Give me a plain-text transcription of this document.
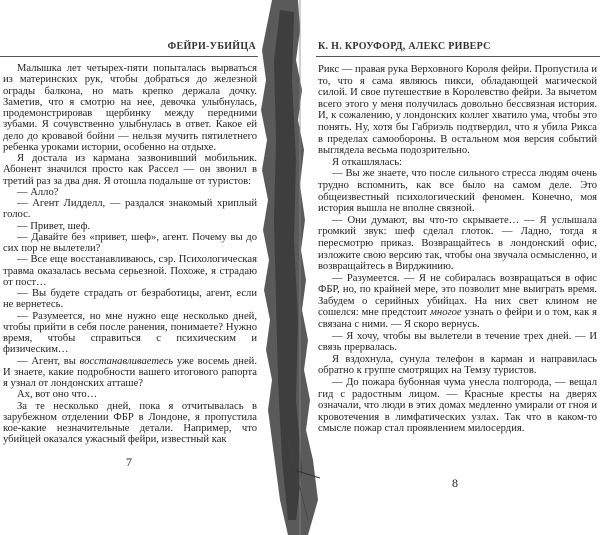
ФЕЙРИ-УБИЙЦА

Малышка лет четырех-пяти попыталась вырваться из материнских рук, чтобы добраться до железной ограды балкона, но мать крепко держала дочку. Заметив, что я смотрю на нее, девочка улыбнулась, продемонстрировав щербинку между передними зубами. Я сочувственно улыбнулась в ответ. Какое ей дело до кровавой бойни — нельзя мучить пятилетнего ребенка уроками истории, особенно на отдыхе.

Я достала из кармана зазвонивший мобильник. Абонент значился просто как Рассел — он звонил в третий раз за два дня. Я отошла подальше от туристов:

— Алло?

— Агент Лидделл, — раздался знакомый хриплый голос.

— Привет, шеф.

— Давайте без «привет, шеф», агент. Почему вы до сих пор не вылетели?

— Все еще восстанавливаюсь, сэр. Психологическая травма оказалась весьма серьезной. Похоже, я страдаю от пост…

— Вы будете страдать от безработицы, агент, если не вернетесь.

— Разумеется, но мне нужно еще несколько дней, чтобы прийти в себя после ранения, понимаете? Нужно время, чтобы справиться с психическим и физическим…

— Агент, вы восстанавливаетесь уже восемь дней. И знаете, какие подробности вашего итогового рапорта я узнал от лондонских атташе?

Ах, вот оно что…

За те несколько дней, пока я отчитывалась в зарубежном отделении ФБР в Лондоне, я пропустила кое-какие незначительные детали. Например, что убийцей оказался ужасный фейри, известный как

7
К. Н. КРОУФОРД, АЛЕКС РИВЕРС

Рикс — правая рука Верховного Короля фейри. Пропустила и то, что я сама являюсь пикси, обладающей магической силой. И свое путешествие в Королевство фейри. За вычетом всего этого у меня получилась довольно бессвязная история. И, к сожалению, у лондонских коллег хватило ума, чтобы это понять. Ну, хотя бы Габриэль подтвердил, что я убила Рикса в пределах самообороны. В остальном моя версия событий выглядела весьма подозрительно.

Я откашлялась:

— Вы же знаете, что после сильного стресса людям очень трудно вспомнить, как все было на самом деле. Это общеизвестный психологический феномен. Конечно, моя история вышла не вполне связной.

— Они думают, вы что-то скрываете… — Я услышала громкий звук: шеф сделал глоток. — Ладно, тогда я пересмотрю приказ. Возвращайтесь в лондонский офис, изложите свою версию так, чтобы она звучала осмысленно, и возвращайтесь в Вирджинию.

— Разумеется. — Я не собиралась возвращаться в офис ФБР, но, по крайней мере, это позволит мне выиграть время. Забудем о серийных убийцах. На них свет клином не сошелся: мне предстоит многое узнать о фейри и о том, как я связана с ними. — Я скоро вернусь.

— Я хочу, чтобы вы вылетели в течение трех дней. — И связь прервалась.

Я вздохнула, сунула телефон в карман и направилась обратно к группе смотрящих на Темзу туристов.

— До пожара бубонная чума унесла полгорода, — вещал гид с радостным лицом. — Красные кресты на дверях означали, что люди в этих домах медленно умирали от гноя и кровотечения в лимфатических узлах. Так что в каком-то смысле пожар стал проявлением милосердия.

8
